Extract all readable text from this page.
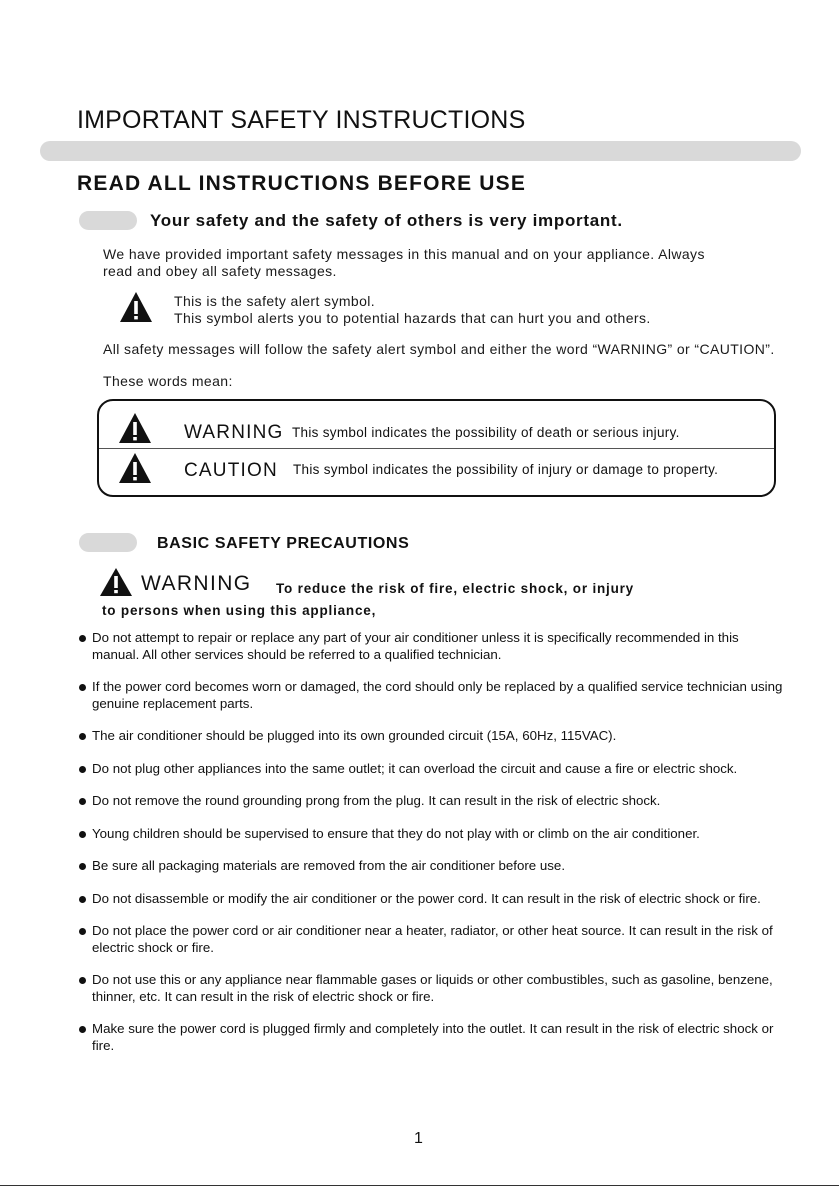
IMPORTANT SAFETY INSTRUCTIONS
READ ALL INSTRUCTIONS BEFORE USE
Your safety and the safety of others is very important.
We have provided important safety messages in this manual and on your appliance. Always
read and obey all safety messages.
This is the safety alert symbol.
This symbol alerts you to potential hazards that can hurt you and others.
All safety messages will follow the safety alert symbol and either the word “WARNING” or “CAUTION”.
These words mean:
WARNING This symbol indicates the possibility of death or serious injury.
CAUTION This symbol indicates the possibility of injury or damage to property.
BASIC SAFETY PRECAUTIONS
WARNING To reduce the risk of fire, electric shock, or injury
to persons when using this appliance,
Do not attempt to repair or replace any part of your air conditioner unless it is specifically recommended in this manual. All other services should be referred to a qualified technician.
If the power cord becomes worn or damaged, the cord should only be replaced by a qualified service technician using genuine replacement parts.
The air conditioner should be plugged into its own grounded circuit (15A, 60Hz, 115VAC).
Do not plug other appliances into the same outlet; it can overload the circuit and cause a fire or electric shock.
Do not remove the round grounding prong from the plug. It can result in the risk of electric shock.
Young children should be supervised to ensure that they do not play with or climb on the air conditioner.
Be sure all packaging materials are removed from the air conditioner before use.
Do not disassemble or modify the air conditioner or the power cord. It can result in the risk of electric shock or fire.
Do not place the power cord or air conditioner near a heater, radiator, or other heat source. It can result in the risk of electric shock or fire.
Do not use this or any appliance near flammable gases or liquids or other combustibles, such as gasoline, benzene, thinner, etc. It can result in the risk of electric shock or fire.
Make sure the power cord is plugged firmly and completely into the outlet. It can result in the risk of electric shock or fire.
1
